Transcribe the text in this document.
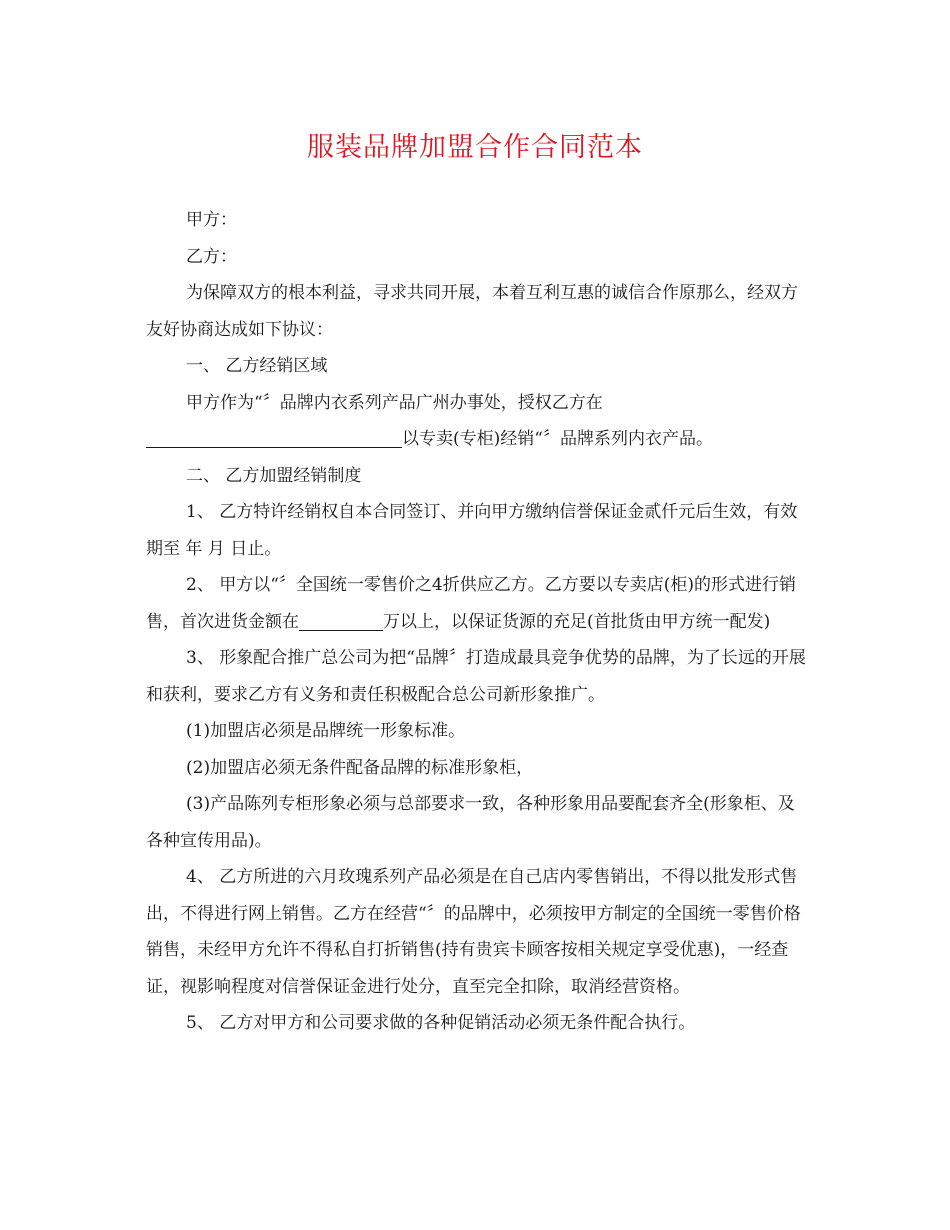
服装品牌加盟合作合同范本

甲方：

乙方：

为保障双方的根本利益，寻求共同开展，本着互利互惠的诚信合作原那么，经双方友好协商达成如下协议：

一、 乙方经销区域

甲方作为“〞品牌内衣系列产品广州办事处，授权乙方在以专卖(专柜)经销“〞品牌系列内衣产品。

二、 乙方加盟经销制度

1、 乙方特许经销权自本合同签订、并向甲方缴纳信誉保证金贰仟元后生效，有效期至 年 月 日止。

2、 甲方以“〞全国统一零售价之4折供应乙方。乙方要以专卖店(柜)的形式进行销售，首次进货金额在	万以上，以保证货源的充足(首批货由甲方统一配发)

3、 形象配合推广总公司为把“品牌〞打造成最具竞争优势的品牌，为了长远的开展和获利，要求乙方有义务和责任积极配合总公司新形象推广。

(1)加盟店必须是品牌统一形象标准。

(2)加盟店必须无条件配备品牌的标准形象柜，

(3)产品陈列专柜形象必须与总部要求一致，各种形象用品要配套齐全(形象柜、及各种宣传用品)。

4、 乙方所进的六月玫瑰系列产品必须是在自己店内零售销出，不得以批发形式售出，不得进行网上销售。乙方在经营“〞的品牌中，必须按甲方制定的全国统一零售价格销售，未经甲方允许不得私自打折销售(持有贵宾卡顾客按相关规定享受优惠)，一经查证，视影响程度对信誉保证金进行处分，直至完全扣除，取消经营资格。

5、 乙方对甲方和公司要求做的各种促销活动必须无条件配合执行。
